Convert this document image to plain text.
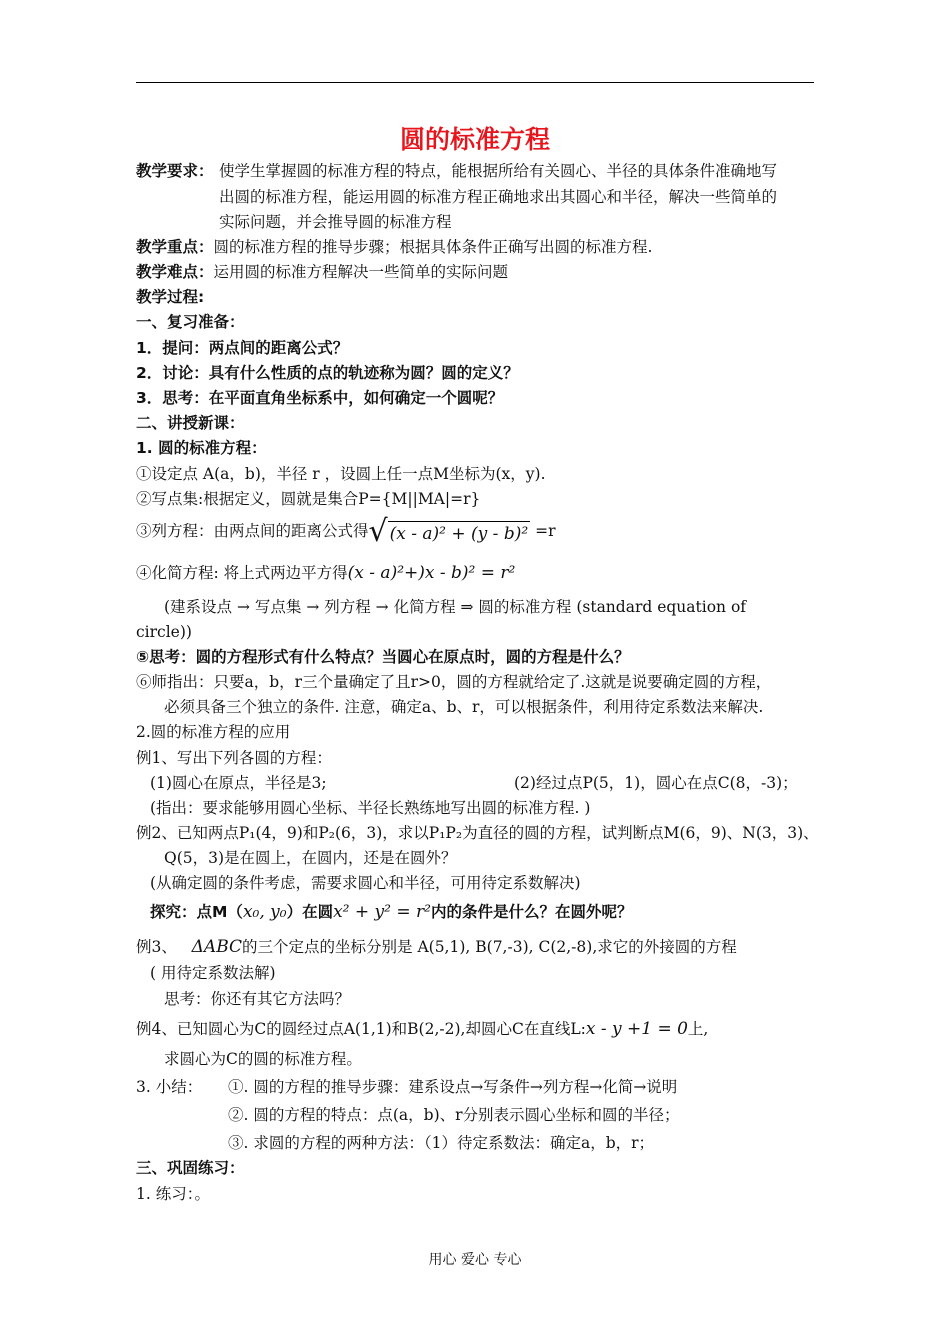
圆的标准方程
教学要求： 使学生掌握圆的标准方程的特点，能根据所给有关圆心、半径的具体条件准确地写
出圆的标准方程，能运用圆的标准方程正确地求出其圆心和半径，解决一些简单的
实际问题，并会推导圆的标准方程
教学重点：圆的标准方程的推导步骤；根据具体条件正确写出圆的标准方程.
教学难点：运用圆的标准方程解决一些简单的实际问题
教学过程:
一、复习准备：
1．提问：两点间的距离公式？
2．讨论：具有什么性质的点的轨迹称为圆？圆的定义？
3．思考：在平面直角坐标系中，如何确定一个圆呢？
二、讲授新课：
1. 圆的标准方程：
①设定点 A(a，b)，半径 r ，设圆上任一点M坐标为(x，y).
②写点集:根据定义，圆就是集合P={M||MA|=r}
③列方程：由两点间的距离公式得√ (x - a)² + (y - b)² =r
④化简方程: 将上式两边平方得(x - a)²+)x - b)² = r²
(建系设点 → 写点集 → 列方程 → 化简方程 ⇒ 圆的标准方程 (standard equation of
circle))
⑤思考：圆的方程形式有什么特点？当圆心在原点时，圆的方程是什么？
⑥师指出：只要a，b，r三个量确定了且r>0，圆的方程就给定了.这就是说要确定圆的方程，
必须具备三个独立的条件. 注意，确定a、b、r，可以根据条件，利用待定系数法来解决.
2.圆的标准方程的应用
例1、写出下列各圆的方程：
(1)圆心在原点，半径是3;	(2)经过点P(5，1)，圆心在点C(8，-3)；
(指出：要求能够用圆心坐标、半径长熟练地写出圆的标准方程. )
例2、已知两点P₁(4，9)和P₂(6，3)，求以P₁P₂为直径的圆的方程，试判断点M(6，9)、N(3，3)、
Q(5，3)是在圆上，在圆内，还是在圆外？
(从确定圆的条件考虑，需要求圆心和半径，可用待定系数解决)
探究：点M（x₀, y₀）在圆x² + y² = r²内的条件是什么？在圆外呢？
例3、 ΔABC的三个定点的坐标分别是 A(5,1), B(7,-3), C(2,-8),求它的外接圆的方程
( 用待定系数法解)
思考：你还有其它方法吗？
例4、已知圆心为C的圆经过点A(1,1)和B(2,-2),却圆心C在直线L:x - y +1 = 0上,
求圆心为C的圆的标准方程。
3. 小结： ①. 圆的方程的推导步骤：建系设点→写条件→列方程→化简→说明
②. 圆的方程的特点：点(a，b)、r分别表示圆心坐标和圆的半径；
③. 求圆的方程的两种方法：（1）待定系数法：确定a，b，r；
三、巩固练习：
1. 练习：。
用心 爱心 专心
